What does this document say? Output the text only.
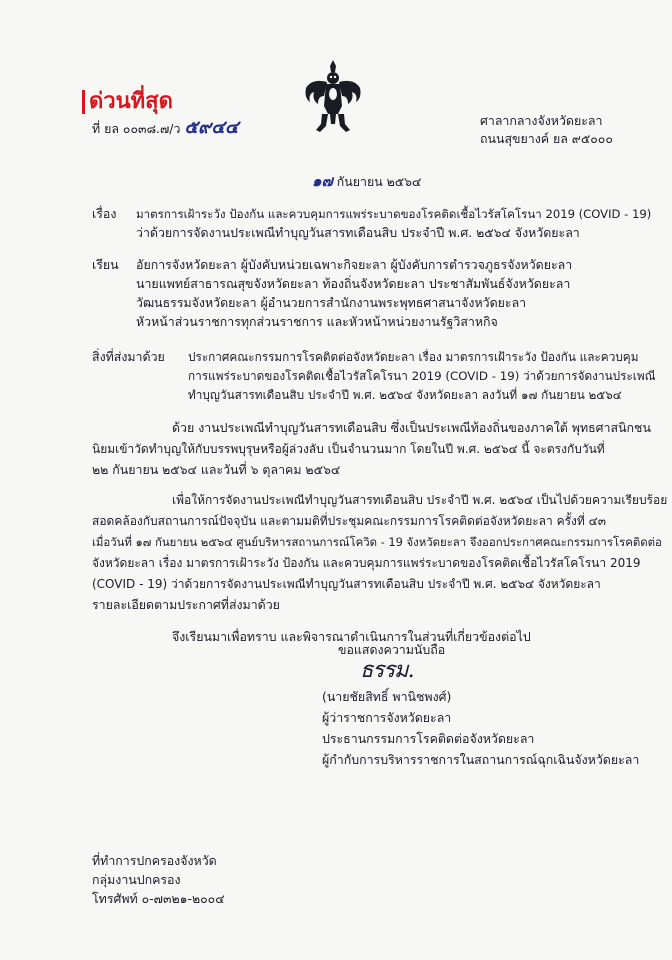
ด่วนที่สุด
ที่ ยล ๐๐๓๘.๗/ว ๕๙๔๔	ศาลากลางจังหวัดยะลา
ถนนสุขยางค์ ยล ๙๕๐๐๐
๑๗ กันยายน ๒๕๖๔
เรื่อง มาตรการเฝ้าระวัง ป้องกัน และควบคุมการแพร่ระบาดของโรคติดเชื้อไวรัสโคโรนา 2019 (COVID - 19)
ว่าด้วยการจัดงานประเพณีทำบุญวันสารทเดือนสิบ ประจำปี พ.ศ. ๒๕๖๔ จังหวัดยะลา
เรียน อัยการจังหวัดยะลา ผู้บังคับหน่วยเฉพาะกิจยะลา ผู้บังคับการตำรวจภูธรจังหวัดยะลา
นายแพทย์สาธารณสุขจังหวัดยะลา ท้องถิ่นจังหวัดยะลา ประชาสัมพันธ์จังหวัดยะลา
วัฒนธรรมจังหวัดยะลา ผู้อำนวยการสำนักงานพระพุทธศาสนาจังหวัดยะลา
หัวหน้าส่วนราชการทุกส่วนราชการ และหัวหน้าหน่วยงานรัฐวิสาหกิจ
สิ่งที่ส่งมาด้วย ประกาศคณะกรรมการโรคติดต่อจังหวัดยะลา เรื่อง มาตรการเฝ้าระวัง ป้องกัน และควบคุม
การแพร่ระบาดของโรคติดเชื้อไวรัสโคโรนา 2019 (COVID - 19) ว่าด้วยการจัดงานประเพณี
ทำบุญวันสารทเดือนสิบ ประจำปี พ.ศ. ๒๕๖๔ จังหวัดยะลา ลงวันที่ ๑๗ กันยายน ๒๕๖๔
ด้วย งานประเพณีทำบุญวันสารทเดือนสิบ ซึ่งเป็นประเพณีท้องถิ่นของภาคใต้ พุทธศาสนิกชน
นิยมเข้าวัดทำบุญให้กับบรรพบุรุษหรือผู้ล่วงลับ เป็นจำนวนมาก โดยในปี พ.ศ. ๒๕๖๔ นี้ จะตรงกับวันที่
๒๒ กันยายน ๒๕๖๔ และวันที่ ๖ ตุลาคม ๒๕๖๔
เพื่อให้การจัดงานประเพณีทำบุญวันสารทเดือนสิบ ประจำปี พ.ศ. ๒๕๖๔ เป็นไปด้วยความเรียบร้อย
สอดคล้องกับสถานการณ์ปัจจุบัน และตามมติที่ประชุมคณะกรรมการโรคติดต่อจังหวัดยะลา ครั้งที่ ๔๓
เมื่อวันที่ ๑๗ กันยายน ๒๕๖๔ ศูนย์บริหารสถานการณ์โควิด - 19 จังหวัดยะลา จึงออกประกาศคณะกรรมการโรคติดต่อ
จังหวัดยะลา เรื่อง มาตรการเฝ้าระวัง ป้องกัน และควบคุมการแพร่ระบาดของโรคติดเชื้อไวรัสโคโรนา 2019
(COVID - 19) ว่าด้วยการจัดงานประเพณีทำบุญวันสารทเดือนสิบ ประจำปี พ.ศ. ๒๕๖๔ จังหวัดยะลา
รายละเอียดตามประกาศที่ส่งมาด้วย
จึงเรียนมาเพื่อทราบ และพิจารณาดำเนินการในส่วนที่เกี่ยวข้องต่อไป
ขอแสดงความนับถือ
ธรรม.
(นายชัยสิทธิ์ พานิชพงศ์)
ผู้ว่าราชการจังหวัดยะลา
ประธานกรรมการโรคติดต่อจังหวัดยะลา
ผู้กำกับการบริหารราชการในสถานการณ์ฉุกเฉินจังหวัดยะลา
ที่ทำการปกครองจังหวัด
กลุ่มงานปกครอง
โทรศัพท์ ๐-๗๓๒๑-๒๐๐๔
